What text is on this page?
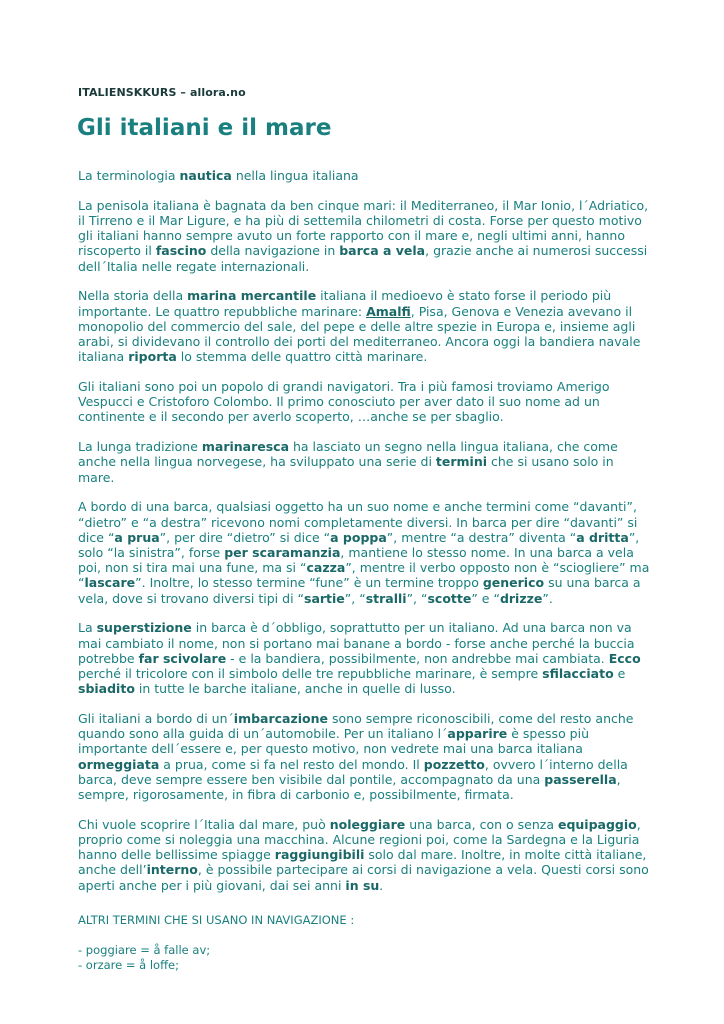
ITALIENSKKURS – allora.no
Gli italiani e il mare

La terminologia nautica nella lingua italiana

La penisola italiana è bagnata da ben cinque mari: il Mediterraneo, il Mar Ionio, l´Adriatico, il Tirreno e il Mar Ligure, e ha più di settemila chilometri di costa. Forse per questo motivo gli italiani hanno sempre avuto un forte rapporto con il mare e, negli ultimi anni, hanno riscoperto il fascino della navigazione in barca a vela, grazie anche ai numerosi successi dell´Italia nelle regate internazionali.

Nella storia della marina mercantile italiana il medioevo è stato forse il periodo più importante. Le quattro repubbliche marinare: Amalfi, Pisa, Genova e Venezia avevano il monopolio del commercio del sale, del pepe e delle altre spezie in Europa e, insieme agli arabi, si dividevano il controllo dei porti del mediterraneo. Ancora oggi la bandiera navale italiana riporta lo stemma delle quattro città marinare.

Gli italiani sono poi un popolo di grandi navigatori. Tra i più famosi troviamo Amerigo Vespucci e Cristoforo Colombo. Il primo conosciuto per aver dato il suo nome ad un continente e il secondo per averlo scoperto, …anche se per sbaglio.

La lunga tradizione marinaresca ha lasciato un segno nella lingua italiana, che come anche nella lingua norvegese, ha sviluppato una serie di termini che si usano solo in mare.

A bordo di una barca, qualsiasi oggetto ha un suo nome e anche termini come “davanti”, “dietro” e “a destra” ricevono nomi completamente diversi. In barca per dire “davanti” si dice “a prua”, per dire “dietro” si dice “a poppa”, mentre “a destra” diventa “a dritta”, solo “la sinistra”, forse per scaramanzia, mantiene lo stesso nome. In una barca a vela poi, non si tira mai una fune, ma si “cazza”, mentre il verbo opposto non è “sciogliere” ma “lascare”. Inoltre, lo stesso termine “fune” è un termine troppo generico su una barca a vela, dove si trovano diversi tipi di “sartie”, “stralli”, “scotte” e “drizze”.

La superstizione in barca è d´obbligo, soprattutto per un italiano. Ad una barca non va mai cambiato il nome, non si portano mai banane a bordo - forse anche perché la buccia potrebbe far scivolare - e la bandiera, possibilmente, non andrebbe mai cambiata. Ecco perché il tricolore con il simbolo delle tre repubbliche marinare, è sempre sfilacciato e sbiadito in tutte le barche italiane, anche in quelle di lusso.

Gli italiani a bordo di un´imbarcazione sono sempre riconoscibili, come del resto anche quando sono alla guida di un´automobile. Per un italiano l´apparire è spesso più importante dell´essere e, per questo motivo, non vedrete mai una barca italiana ormeggiata a prua, come si fa nel resto del mondo. Il pozzetto, ovvero l´interno della barca, deve sempre essere ben visibile dal pontile, accompagnato da una passerella, sempre, rigorosamente, in fibra di carbonio e, possibilmente, firmata.

Chi vuole scoprire l´Italia dal mare, può noleggiare una barca, con o senza equipaggio, proprio come si noleggia una macchina. Alcune regioni poi, come la Sardegna e la Liguria hanno delle bellissime spiagge raggiungibili solo dal mare. Inoltre, in molte città italiane, anche dell’interno, è possibile partecipare ai corsi di navigazione a vela. Questi corsi sono aperti anche per i più giovani, dai sei anni in su.

ALTRI TERMINI CHE SI USANO IN NAVIGAZIONE :

- poggiare = å falle av;

- orzare = å loffe;
